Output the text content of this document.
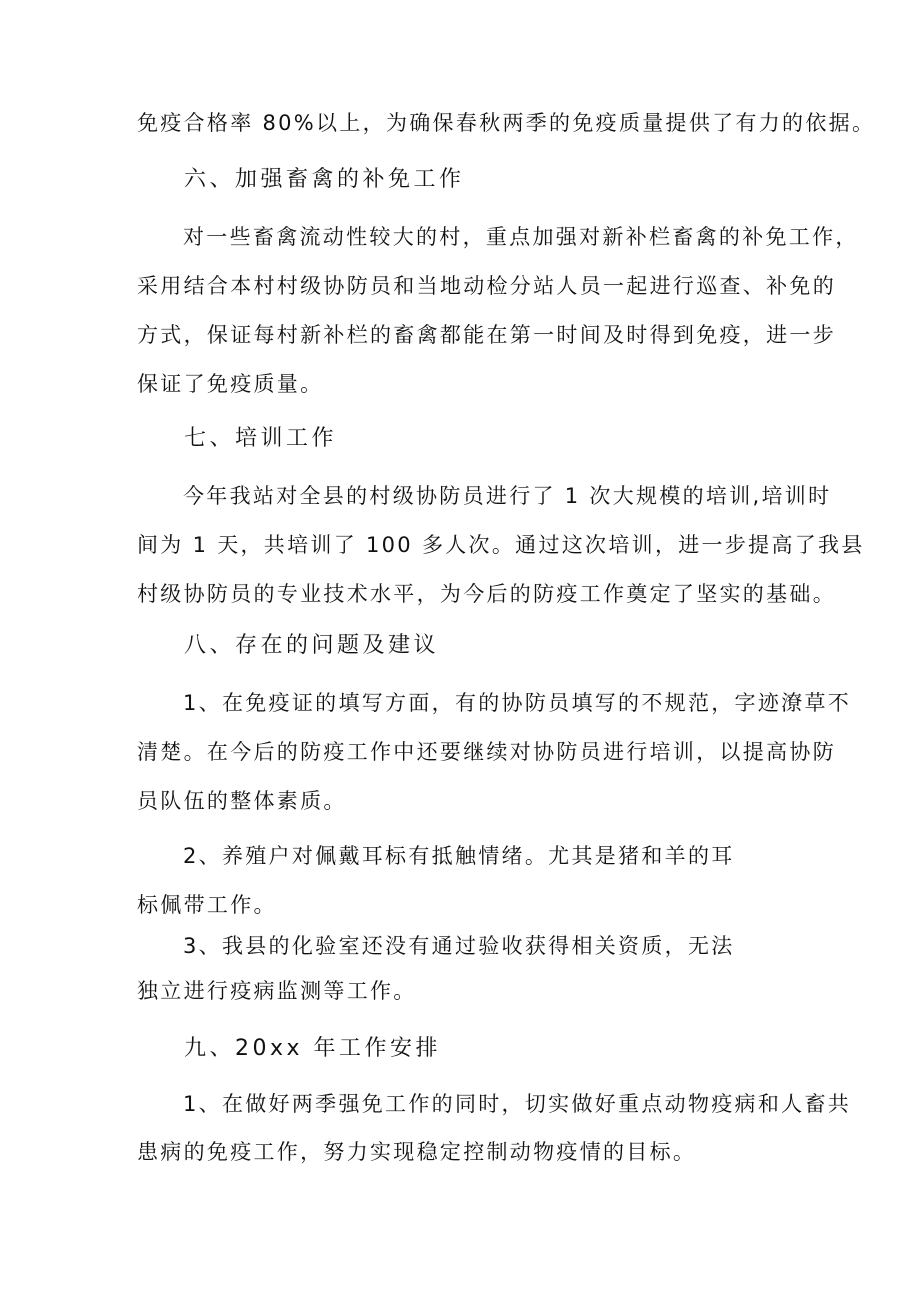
免疫合格率 80%以上，为确保春秋两季的免疫质量提供了有力的依据。
六、加强畜禽的补免工作
对一些畜禽流动性较大的村，重点加强对新补栏畜禽的补免工作，
采用结合本村村级协防员和当地动检分站人员一起进行巡查、补免的
方式，保证每村新补栏的畜禽都能在第一时间及时得到免疫，进一步
保证了免疫质量。
七、培训工作
今年我站对全县的村级协防员进行了 1 次大规模的培训,培训时
间为 1 天，共培训了 100 多人次。通过这次培训，进一步提高了我县
村级协防员的专业技术水平，为今后的防疫工作奠定了坚实的基础。
八、存在的问题及建议
1、在免疫证的填写方面，有的协防员填写的不规范，字迹潦草不
清楚。在今后的防疫工作中还要继续对协防员进行培训，以提高协防
员队伍的整体素质。
2、养殖户对佩戴耳标有抵触情绪。尤其是猪和羊的耳
标佩带工作。
3、我县的化验室还没有通过验收获得相关资质，无法
独立进行疫病监测等工作。
九、20xx 年工作安排
1、在做好两季强免工作的同时，切实做好重点动物疫病和人畜共
患病的免疫工作，努力实现稳定控制动物疫情的目标。
